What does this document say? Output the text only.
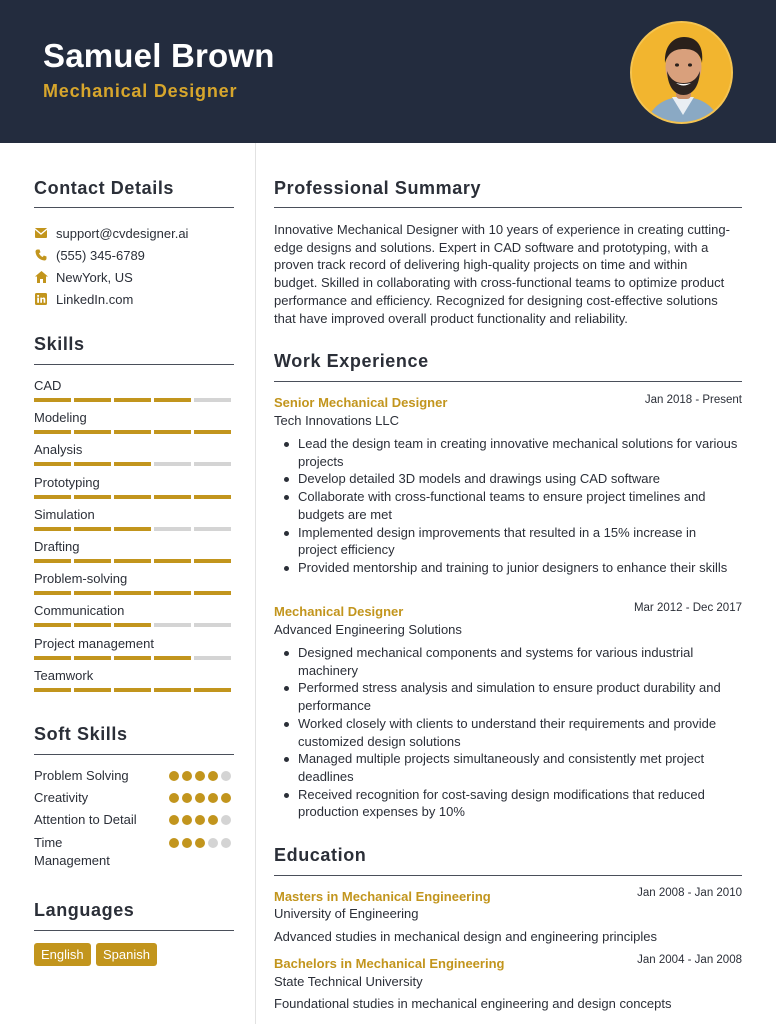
Samuel Brown
Mechanical Designer
Contact Details
support@cvdesigner.ai
(555) 345-6789
NewYork, US
LinkedIn.com
Skills
CAD
Modeling
Analysis
Prototyping
Simulation
Drafting
Problem-solving
Communication
Project management
Teamwork
Soft Skills
Problem Solving
Creativity
Attention to Detail
Time Management
Languages
English	Spanish
Professional Summary
Innovative Mechanical Designer with 10 years of experience in creating cutting-edge designs and solutions. Expert in CAD software and prototyping, with a proven track record of delivering high-quality projects on time and within budget. Skilled in collaborating with cross-functional teams to optimize product performance and efficiency. Recognized for designing cost-effective solutions that have improved overall product functionality and reliability.
Work Experience
Senior Mechanical Designer	Jan 2018 - Present
Tech Innovations LLC
Lead the design team in creating innovative mechanical solutions for various projects
Develop detailed 3D models and drawings using CAD software
Collaborate with cross-functional teams to ensure project timelines and budgets are met
Implemented design improvements that resulted in a 15% increase in project efficiency
Provided mentorship and training to junior designers to enhance their skills
Mechanical Designer	Mar 2012 - Dec 2017
Advanced Engineering Solutions
Designed mechanical components and systems for various industrial machinery
Performed stress analysis and simulation to ensure product durability and performance
Worked closely with clients to understand their requirements and provide customized design solutions
Managed multiple projects simultaneously and consistently met project deadlines
Received recognition for cost-saving design modifications that reduced production expenses by 10%
Education
Masters in Mechanical Engineering	Jan 2008 - Jan 2010
University of Engineering
Advanced studies in mechanical design and engineering principles
Bachelors in Mechanical Engineering	Jan 2004 - Jan 2008
State Technical University
Foundational studies in mechanical engineering and design concepts
